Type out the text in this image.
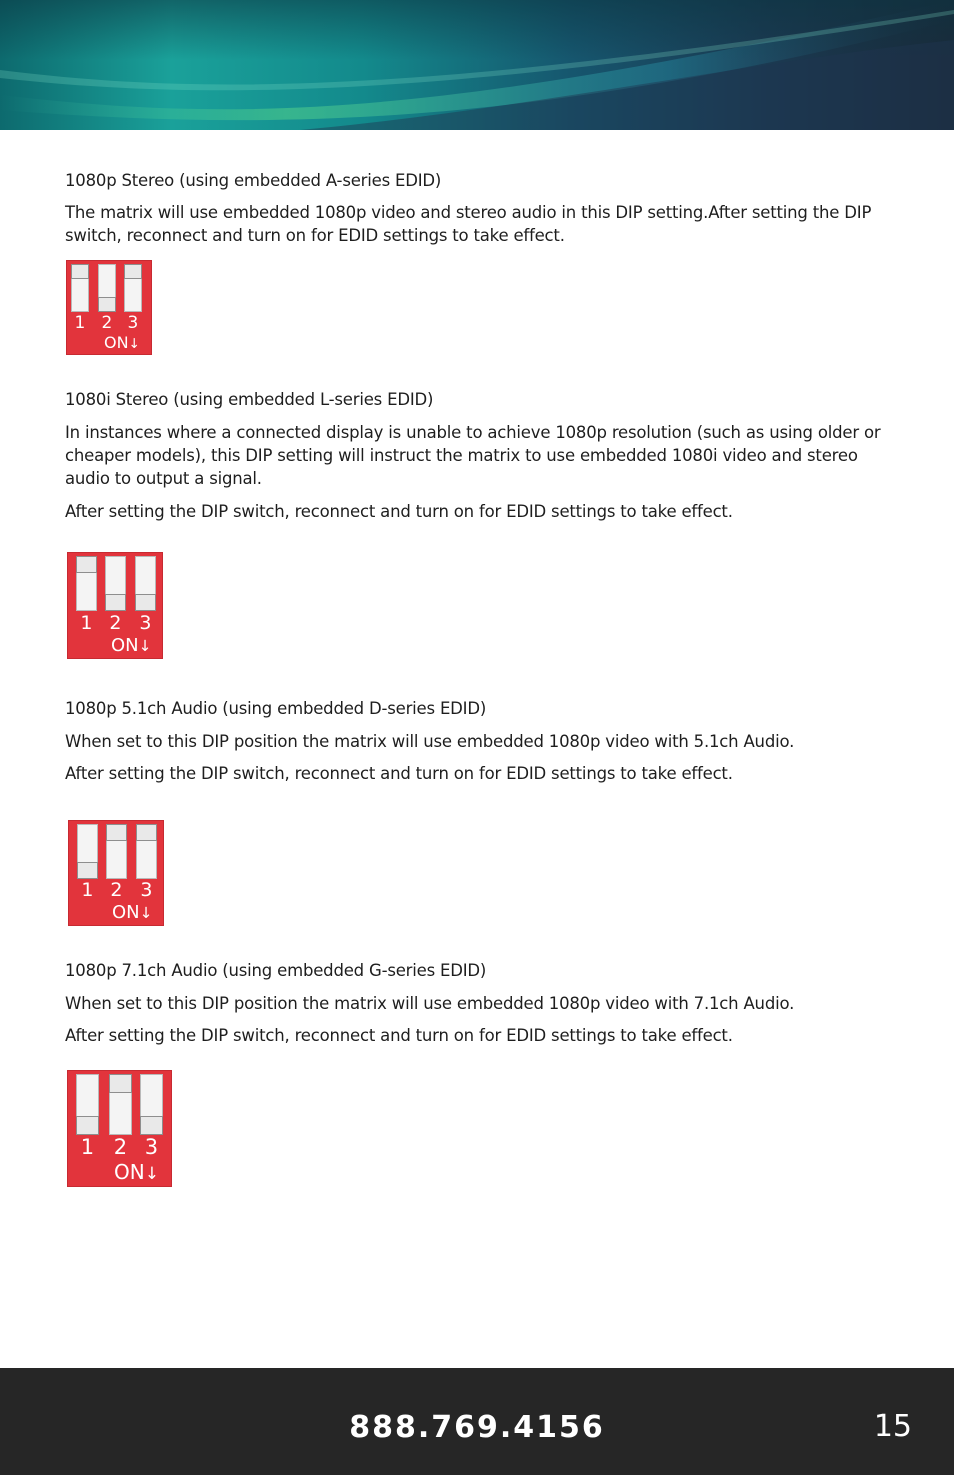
1080p Stereo (using embedded A-series EDID)

The matrix will use embedded 1080p video and stereo audio in this DIP setting.After setting the DIP switch, reconnect and turn on for EDID settings to take effect.

1080i Stereo (using embedded L-series EDID)

In instances where a connected display is unable to achieve 1080p resolution (such as using older or cheaper models), this DIP setting will instruct the matrix to use embedded 1080i video and stereo audio to output a signal.

After setting the DIP switch, reconnect and turn on for EDID settings to take effect.

1080p 5.1ch Audio (using embedded D-series EDID)

When set to this DIP position the matrix will use embedded 1080p video with 5.1ch Audio.

After setting the DIP switch, reconnect and turn on for EDID settings to take effect.

1080p 7.1ch Audio (using embedded G-series EDID)

When set to this DIP position the matrix will use embedded 1080p video with 7.1ch Audio.

After setting the DIP switch, reconnect and turn on for EDID settings to take effect.

1 2 3
ON↓
1 2 3
ON↓
1 2 3
ON↓
1 2 3
ON↓
888.769.4156	15
